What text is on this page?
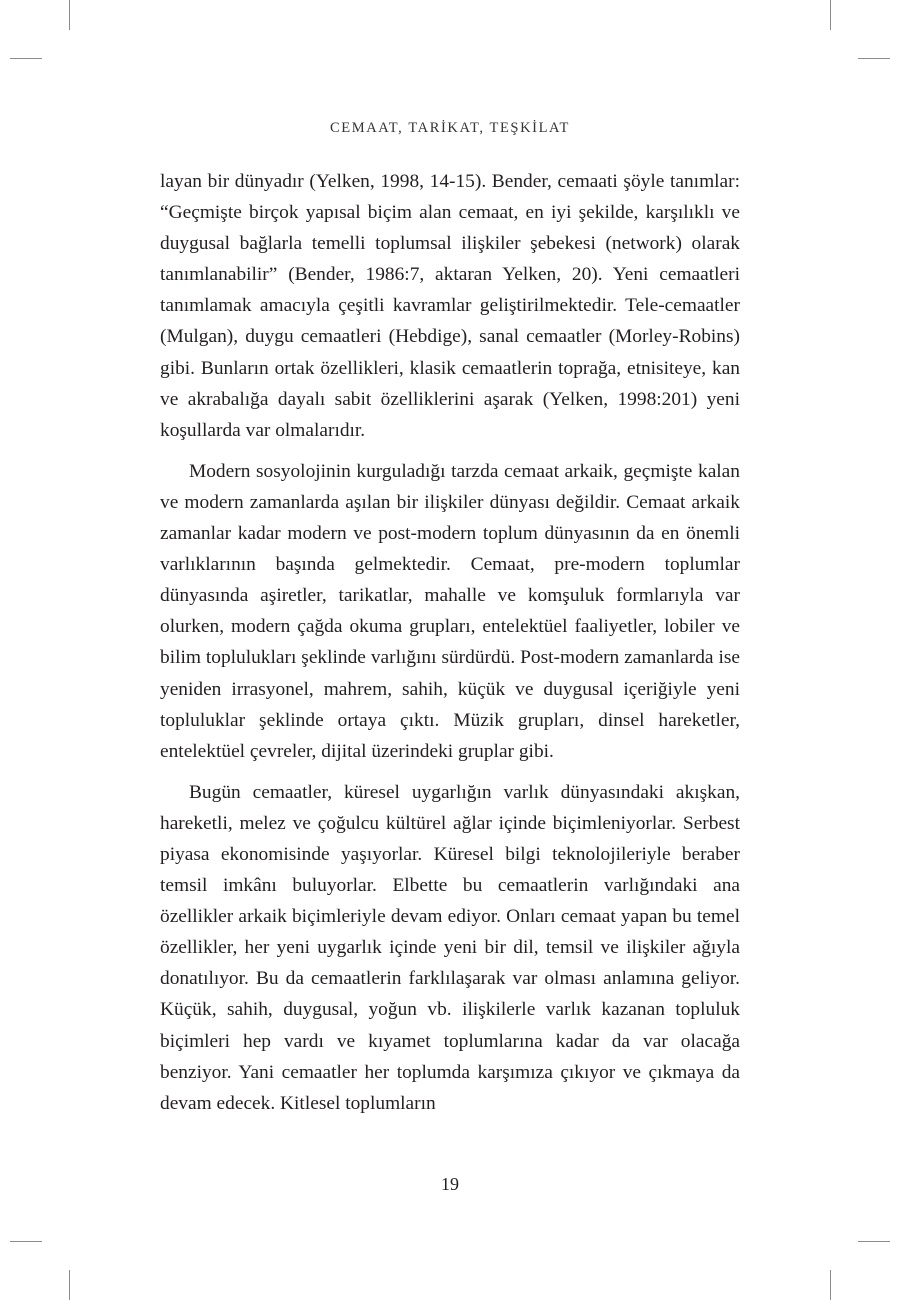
CEMAAT, TARİKAT, TEŞKİLAT

layan bir dünyadır (Yelken, 1998, 14-15). Bender, cemaati şöyle tanımlar: “Geçmişte birçok yapısal biçim alan cemaat, en iyi şekilde, karşılıklı ve duygusal bağlarla temelli toplumsal ilişkiler şebekesi (network) olarak tanımlanabilir” (Bender, 1986:7, aktaran Yelken, 20). Yeni cemaatleri tanımlamak amacıyla çeşitli kavramlar geliştirilmektedir. Tele-cemaatler (Mulgan), duygu cemaatleri (Hebdige), sanal cemaatler (Morley-Robins) gibi. Bunların ortak özellikleri, klasik cemaatlerin toprağa, etnisiteye, kan ve akrabalığa dayalı sabit özelliklerini aşarak (Yelken, 1998:201) yeni koşullarda var olmalarıdır.

Modern sosyolojinin kurguladığı tarzda cemaat arkaik, geçmişte kalan ve modern zamanlarda aşılan bir ilişkiler dünyası değildir. Cemaat arkaik zamanlar kadar modern ve post-modern toplum dünyasının da en önemli varlıklarının başında gelmektedir. Cemaat, pre-modern toplumlar dünyasında aşiretler, tarikatlar, mahalle ve komşuluk formlarıyla var olurken, modern çağda okuma grupları, entelektüel faaliyetler, lobiler ve bilim toplulukları şeklinde varlığını sürdürdü. Post-modern zamanlarda ise yeniden irrasyonel, mahrem, sahih, küçük ve duygusal içeriğiyle yeni topluluklar şeklinde ortaya çıktı. Müzik grupları, dinsel hareketler, entelektüel çevreler, dijital üzerindeki gruplar gibi.

Bugün cemaatler, küresel uygarlığın varlık dünyasındaki akışkan, hareketli, melez ve çoğulcu kültürel ağlar içinde biçimleniyorlar. Serbest piyasa ekonomisinde yaşıyorlar. Küresel bilgi teknolojileriyle beraber temsil imkânı buluyorlar. Elbette bu cemaatlerin varlığındaki ana özellikler arkaik biçimleriyle devam ediyor. Onları cemaat yapan bu temel özellikler, her yeni uygarlık içinde yeni bir dil, temsil ve ilişkiler ağıyla donatılıyor. Bu da cemaatlerin farklılaşarak var olması anlamına geliyor. Küçük, sahih, duygusal, yoğun vb. ilişkilerle varlık kazanan topluluk biçimleri hep vardı ve kıyamet toplumlarına kadar da var olacağa benziyor. Yani cemaatler her toplumda karşımıza çıkıyor ve çıkmaya da devam edecek. Kitlesel toplumların

19
